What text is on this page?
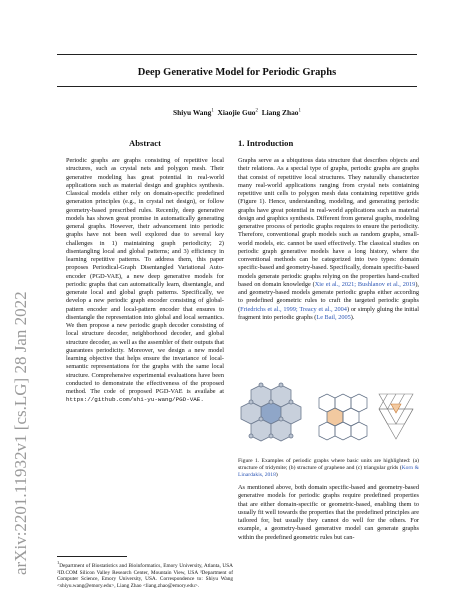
arXiv:2201.11932v1 [cs.LG] 28 Jan 2022
Deep Generative Model for Periodic Graphs
Shiyu Wang$^1$ Xiaojie Guo$^2$ Liang Zhao$^1$
Abstract

Periodic graphs are graphs consisting of repetitive local structures, such as crystal nets and polygon mesh. Their generative modeling has great potential in real-world applications such as material design and graphics synthesis. Classical models either rely on domain-specific predefined generation principles (e.g., in crystal net design), or follow geometry-based prescribed rules. Recently, deep generative models has shown great promise in automatically generating general graphs. However, their advancement into periodic graphs have not been well explored due to several key challenges in 1) maintaining graph periodicity; 2) disentangling local and global patterns; and 3) efficiency in learning repetitive patterns. To address them, this paper proposes Periodical-Graph Disentangled Variational Auto-encoder (PGD-VAE), a new deep generative models for periodic graphs that can automatically learn, disentangle, and generate local and global graph patterns. Specifically, we develop a new periodic graph encoder consisting of global-pattern encoder and local-pattern encoder that ensures to disentangle the representation into global and local semantics. We then propose a new periodic graph decoder consisting of local structure decoder, neighborhood decoder, and global structure decoder, as well as the assembler of their outputs that guarantees periodicity. Moreover, we design a new model learning objective that helps ensure the invariance of local-semantic representations for the graphs with the same local structure. Comprehensive experimental evaluations have been conducted to demonstrate the effectiveness of the proposed method. The code of proposed PGD-VAE is availabe at https://github.com/shi-yu-wang/PGD-VAE.

$^1$Department of Biostatistics and Bioinformatics, Emory University, Atlanta, USA ²ID.COM Silicon Valley Research Center, Mountain View, USA ³Department of Computer Science, Emory University, USA. Correspondence to: Shiyu Wang <shiyu.wang@emory.edu>, Liang Zhao <liang.zhao@emory.edu>.
1. Introduction

Graphs serve as a ubiquitous data structure that describes objects and their relations. As a special type of graphs, periodic graphs are graphs that consist of repetitive local structures. They naturally characterize many real-world applications ranging from crystal nets containing repetitive unit cells to polygon mesh data containing repetitive grids (Figure 1). Hence, understanding, modeling, and generating periodic graphs have great potential in real-world applications such as material design and graphics synthesis. Different from general graphs, modeling generative process of periodic graphs requires to ensure the periodicity. Therefore, conventional graph models such as random graphs, small-world models, etc. cannot be used effectively. The classical studies on periodic graph generative models have a long history, where the conventional methods can be categorized into two types: domain specific-based and geometry-based. Specifically, domain specific-based models generate periodic graphs relying on the properties hand-crafted based on domain knowledge (Xie et al., 2021; Bushlanov et al., 2019), and geometry-based models generate periodic graphs either according to predefined geometric rules to craft the targeted periodic graphs (Friedrichs et al., 1999; Treacy et al., 2004) or simply gluing the initial fragment into periodic graphs (Le Bail, 2005).

Figure 1. Examples of periodic graphs where basic units are highlighted: (a) structure of tridymite; (b) structure of graphene and (c) triangular grids (Korn & Linardakis, 2018)

As mentioned above, both domain specific-based and geometry-based generative models for periodic graphs require predefined properties that are either domain-specific or geometric-based, enabling them to usually fit well towards the properties that the predefined principles are tailored for, but usually they cannot do well for the others. For example, a geometry-based generative model can generate graphs within the predefined geometric rules but can-
